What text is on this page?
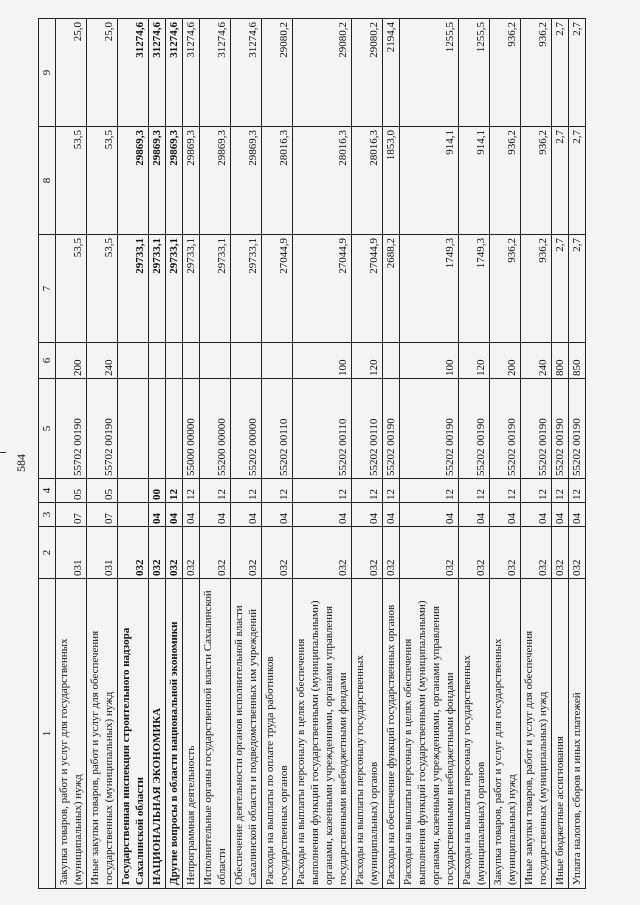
584
1	2	3	4	5	6	7	8	9
Закупка товаров, работ и услуг для государственных (муниципальных) нужд	031	07	05	55702 00190	200	53,5	53,5	25,0
Иные закупки товаров, работ и услуг для обеспечения государственных (муниципальных) нужд	031	07	05	55702 00190	240	53,5	53,5	25,0
Государственная инспекция строительного надзора Сахалинской области	032					29733,1	29869,3	31274,6
НАЦИОНАЛЬНАЯ ЭКОНОМИКА	032	04	00			29733,1	29869,3	31274,6
Другие вопросы в области национальной экономики	032	04	12			29733,1	29869,3	31274,6
Непрограммная деятельность	032	04	12	55000 00000		29733,1	29869,3	31274,6
Исполнительные органы государственной власти Сахалинской области	032	04	12	55200 00000		29733,1	29869,3	31274,6
Обеспечение деятельности органов исполнительной власти Сахалинской области и подведомственных им учреждений	032	04	12	55202 00000		29733,1	29869,3	31274,6
Расходы на выплаты по оплате труда работников государственных органов	032	04	12	55202 00110		27044,9	28016,3	29080,2
Расходы на выплаты персоналу в целях обеспечения выполнения функций государственными (муниципальными) органами, казенными учреждениями, органами управления государственными внебюджетными фондами	032	04	12	55202 00110	100	27044,9	28016,3	29080,2
Расходы на выплаты персоналу государственных (муниципальных) органов	032	04	12	55202 00110	120	27044,9	28016,3	29080,2
Расходы на обеспечение функций государственных органов	032	04	12	55202 00190		2688,2	1853,0	2194,4
Расходы на выплаты персоналу в целях обеспечения выполнения функций государственными (муниципальными) органами, казенными учреждениями, органами управления государственными внебюджетными фондами	032	04	12	55202 00190	100	1749,3	914,1	1255,5
Расходы на выплаты персоналу государственных (муниципальных) органов	032	04	12	55202 00190	120	1749,3	914,1	1255,5
Закупка товаров, работ и услуг для государственных (муниципальных) нужд	032	04	12	55202 00190	200	936,2	936,2	936,2
Иные закупки товаров, работ и услуг для обеспечения государственных (муниципальных) нужд	032	04	12	55202 00190	240	936,2	936,2	936,2
Иные бюджетные ассигнования	032	04	12	55202 00190	800	2,7	2,7	2,7
Уплата налогов, сборов и иных платежей	032	04	12	55202 00190	850	2,7	2,7	2,7
